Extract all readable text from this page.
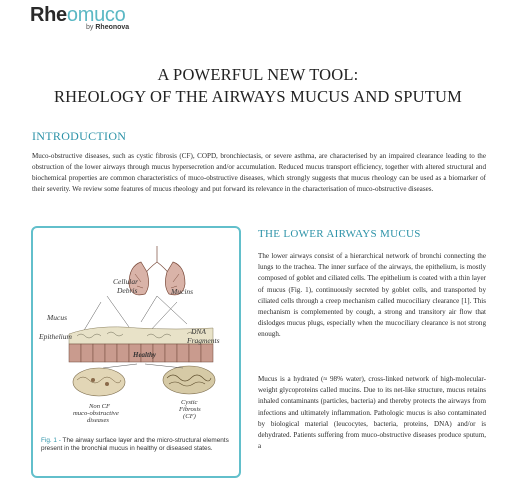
Rheomuco
by Rheonova
A POWERFUL NEW TOOL:
RHEOLOGY OF THE AIRWAYS MUCUS AND SPUTUM
INTRODUCTION

Muco-obstructive diseases, such as cystic fibrosis (CF), COPD, bronchiectasis, or severe asthma, are characterised by an impaired clearance leading to the obstruction of the lower airways through mucus hypersecretion and/or accumulation. Reduced mucus transport efficiency, together with altered structural and biochemical properties are common characteristics of muco-obstructive diseases, which strongly suggests that mucus rheology can be used as a biomarker of their severity. We review some features of mucus rheology and put forward its relevance in the characterisation of muco-obstructive diseases.

Cellular
Debris	Mucins
Mucus
Epithelium
DNA
Fragments
Healthy
Non CF
muco-obstructive
diseases
Cystic
Fibrosis
(CF)
Fig. 1 - The airway surface layer and the micro-structural elements present in the bronchial mucus in healthy or diseased states.
THE LOWER AIRWAYS MUCUS

The lower airways consist of a hierarchical network of bronchi connecting the lungs to the trachea. The inner surface of the airways, the epithelium, is mostly composed of goblet and ciliated cells. The epithelium is coated with a thin layer of mucus (Fig. 1), continuously secreted by goblet cells, and transported by ciliated cells through a creep mechanism called mucociliary clearance [1]. This mechanism is complemented by cough, a strong and transitory air flow that dislodges mucus plugs, especially when the mucociliary clearance is not strong enough.

Mucus is a hydrated (≈ 98% water), cross-linked network of high-molecular-weight glycoproteins called mucins. Due to its net-like structure, mucus retains inhaled contaminants (particles, bacteria) and thereby protects the airways from infections and ultimately inflammation. Pathologic mucus is also contaminated by biological material (leucocytes, bacteria, proteins, DNA) and/or is dehydrated. Patients suffering from muco-obstructive diseases produce sputum, a
